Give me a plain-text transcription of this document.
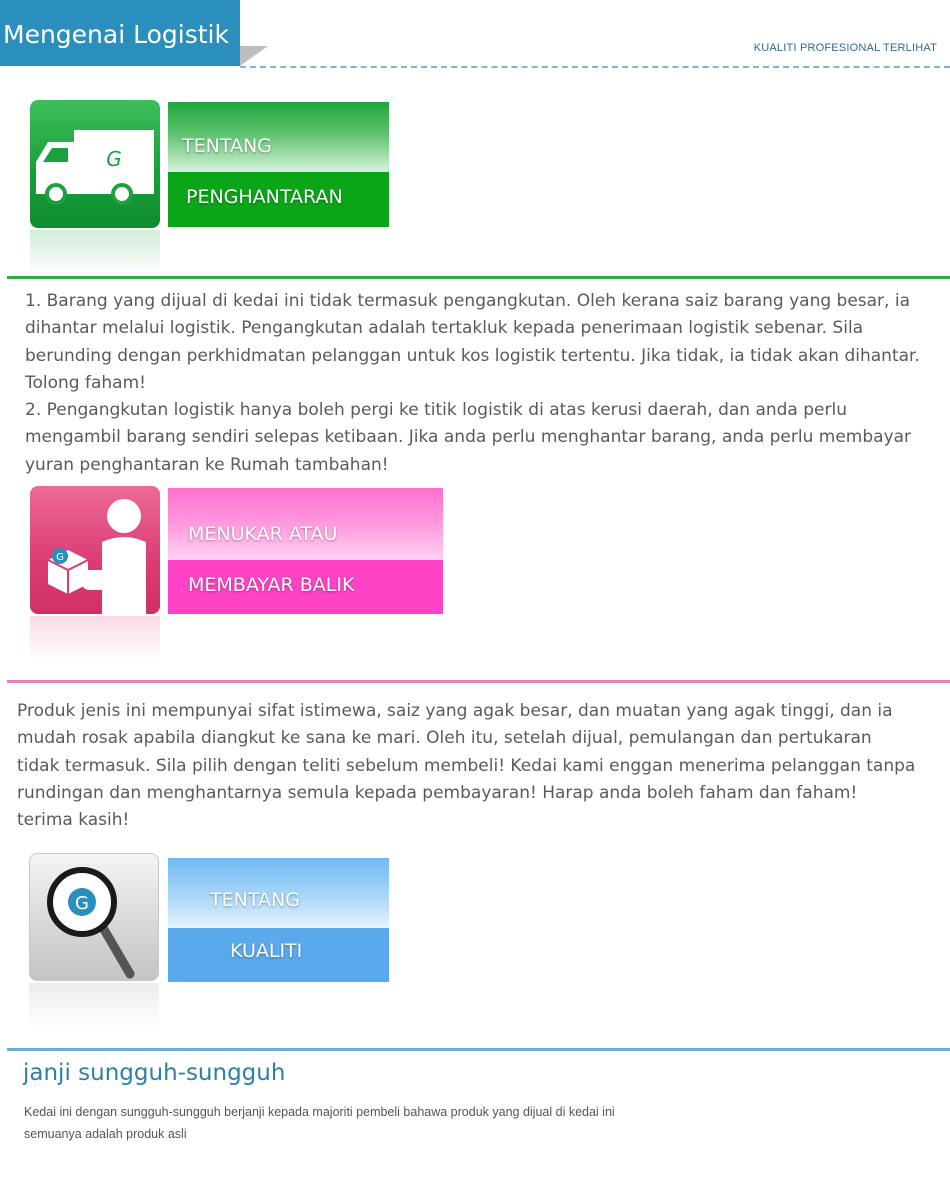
Mengenai Logistik	KUALITI PROFESIONAL TERLIHAT
G
TENTANG
PENGHANTARAN

1. Barang yang dijual di kedai ini tidak termasuk pengangkutan. Oleh kerana saiz barang yang besar, ia dihantar melalui logistik. Pengangkutan adalah tertakluk kepada penerimaan logistik sebenar. Sila berunding dengan perkhidmatan pelanggan untuk kos logistik tertentu. Jika tidak, ia tidak akan dihantar. Tolong faham!

2. Pengangkutan logistik hanya boleh pergi ke titik logistik di atas kerusi daerah, dan anda perlu mengambil barang sendiri selepas ketibaan. Jika anda perlu menghantar barang, anda perlu membayar yuran penghantaran ke Rumah tambahan!

G
MENUKAR ATAU
MEMBAYAR BALIK

Produk jenis ini mempunyai sifat istimewa, saiz yang agak besar, dan muatan yang agak tinggi, dan ia mudah rosak apabila diangkut ke sana ke mari. Oleh itu, setelah dijual, pemulangan dan pertukaran tidak termasuk. Sila pilih dengan teliti sebelum membeli! Kedai kami enggan menerima pelanggan tanpa rundingan dan menghantarnya semula kepada pembayaran! Harap anda boleh faham dan faham! terima kasih!

G	TENTANG
KUALITI
janji sungguh-sungguh

Kedai ini dengan sungguh-sungguh berjanji kepada majoriti pembeli bahawa produk yang dijual di kedai ini semuanya adalah produk asli
